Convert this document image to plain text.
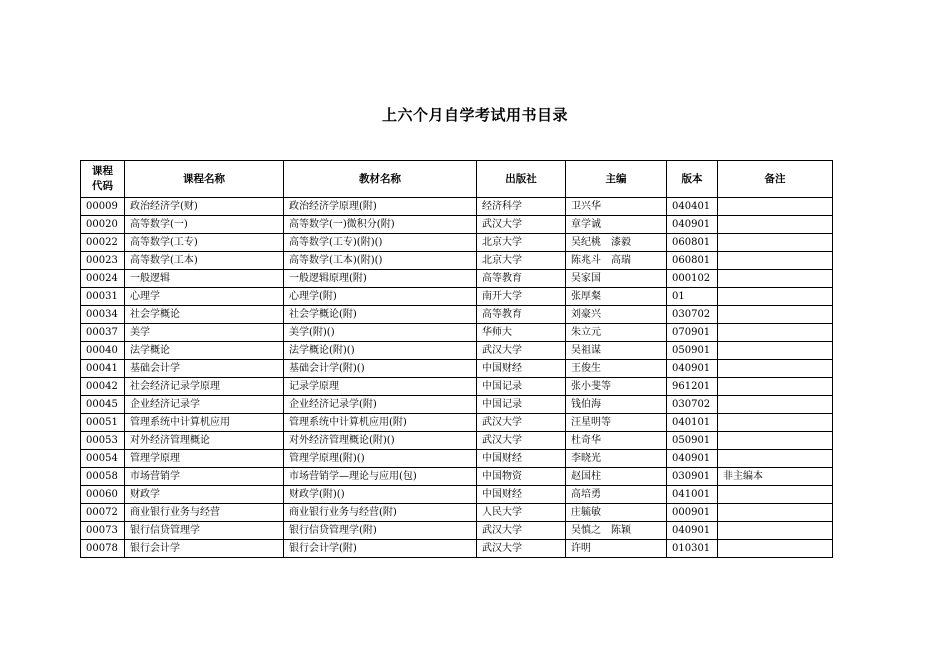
上六个月自学考试用书目录
课程
代码	课程名称	教材名称	出版社	主编	版本	备注
00009	政治经济学(财)	政治经济学原理(附)	经济科学	卫兴华	040401	
00020	高等数学(一)	高等数学(一)微积分(附)	武汉大学	章学诚	040901	
00022	高等数学(工专)	高等数学(工专)(附)()	北京大学	吴纪桃　漆毅	060801	
00023	高等数学(工本)	高等数学(工本)(附)()	北京大学	陈兆斗　高瑞	060801	
00024	一般逻辑	一般逻辑原理(附)	高等教育	吴家国	000102	
00031	心理学	心理学(附)	南开大学	张厚粲	01	
00034	社会学概论	社会学概论(附)	高等教育	刘豪兴	030702	
00037	美学	美学(附)()	华师大	朱立元	070901	
00040	法学概论	法学概论(附)()	武汉大学	吴祖谋	050901	
00041	基础会计学	基础会计学(附)()	中国财经	王俊生	040901	
00042	社会经济记录学原理	记录学原理	中国记录	张小斐等	961201	
00045	企业经济记录学	企业经济记录学(附)	中国记录	钱伯海	030702	
00051	管理系统中计算机应用	管理系统中计算机应用(附)	武汉大学	汪星明等	040101	
00053	对外经济管理概论	对外经济管理概论(附)()	武汉大学	杜奇华	050901	
00054	管理学原理	管理学原理(附)()	中国财经	李晓光	040901	
00058	市场营销学	市场营销学—理论与应用(包)	中国物资	赵国柱	030901	非主编本
00060	财政学	财政学(附)()	中国财经	高培勇	041001	
00072	商业银行业务与经营	商业银行业务与经营(附)	人民大学	庄毓敏	000901	
00073	银行信贷管理学	银行信贷管理学(附)	武汉大学	吴慎之　陈颖	040901	
00078	银行会计学	银行会计学(附)	武汉大学	许明	010301	
